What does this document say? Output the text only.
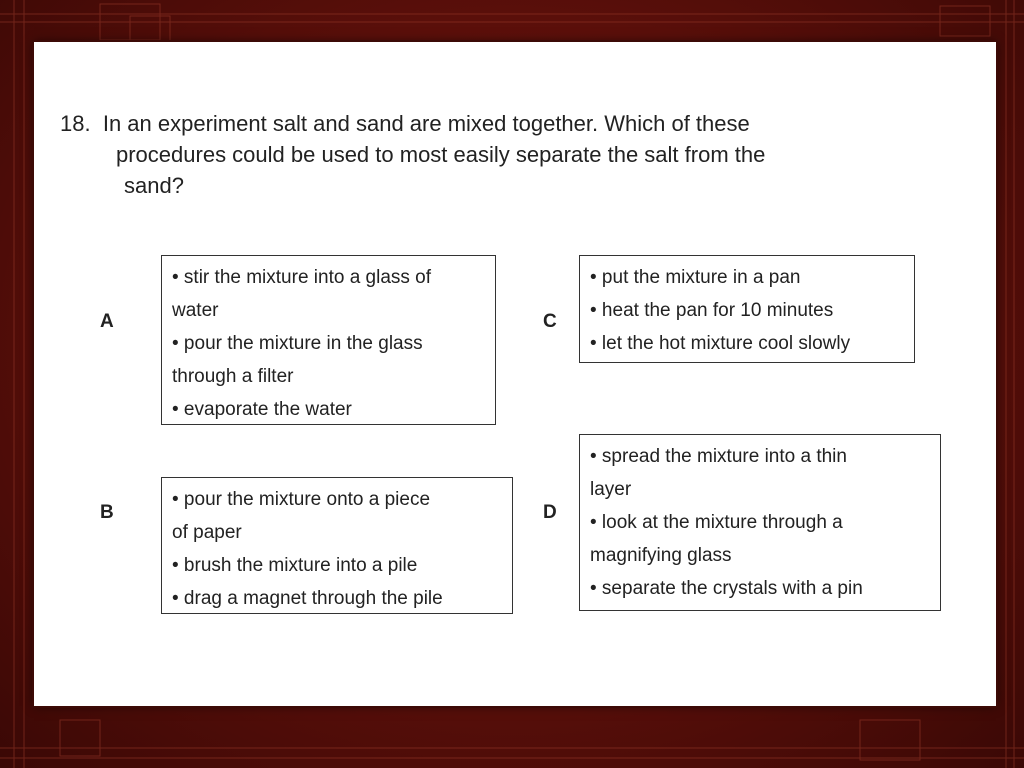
18. In an experiment salt and sand are mixed together. Which of these
procedures could be used to most easily separate the salt from the
sand?
A
• stir the mixture into a glass of
water
• pour the mixture in the glass
through a filter
• evaporate the water
B
• pour the mixture onto a piece
of paper
• brush the mixture into a pile
• drag a magnet through the pile
C
• put the mixture in a pan
• heat the pan for 10 minutes
• let the hot mixture cool slowly
D
• spread the mixture into a thin
layer
• look at the mixture through a
magnifying glass
• separate the crystals with a pin
